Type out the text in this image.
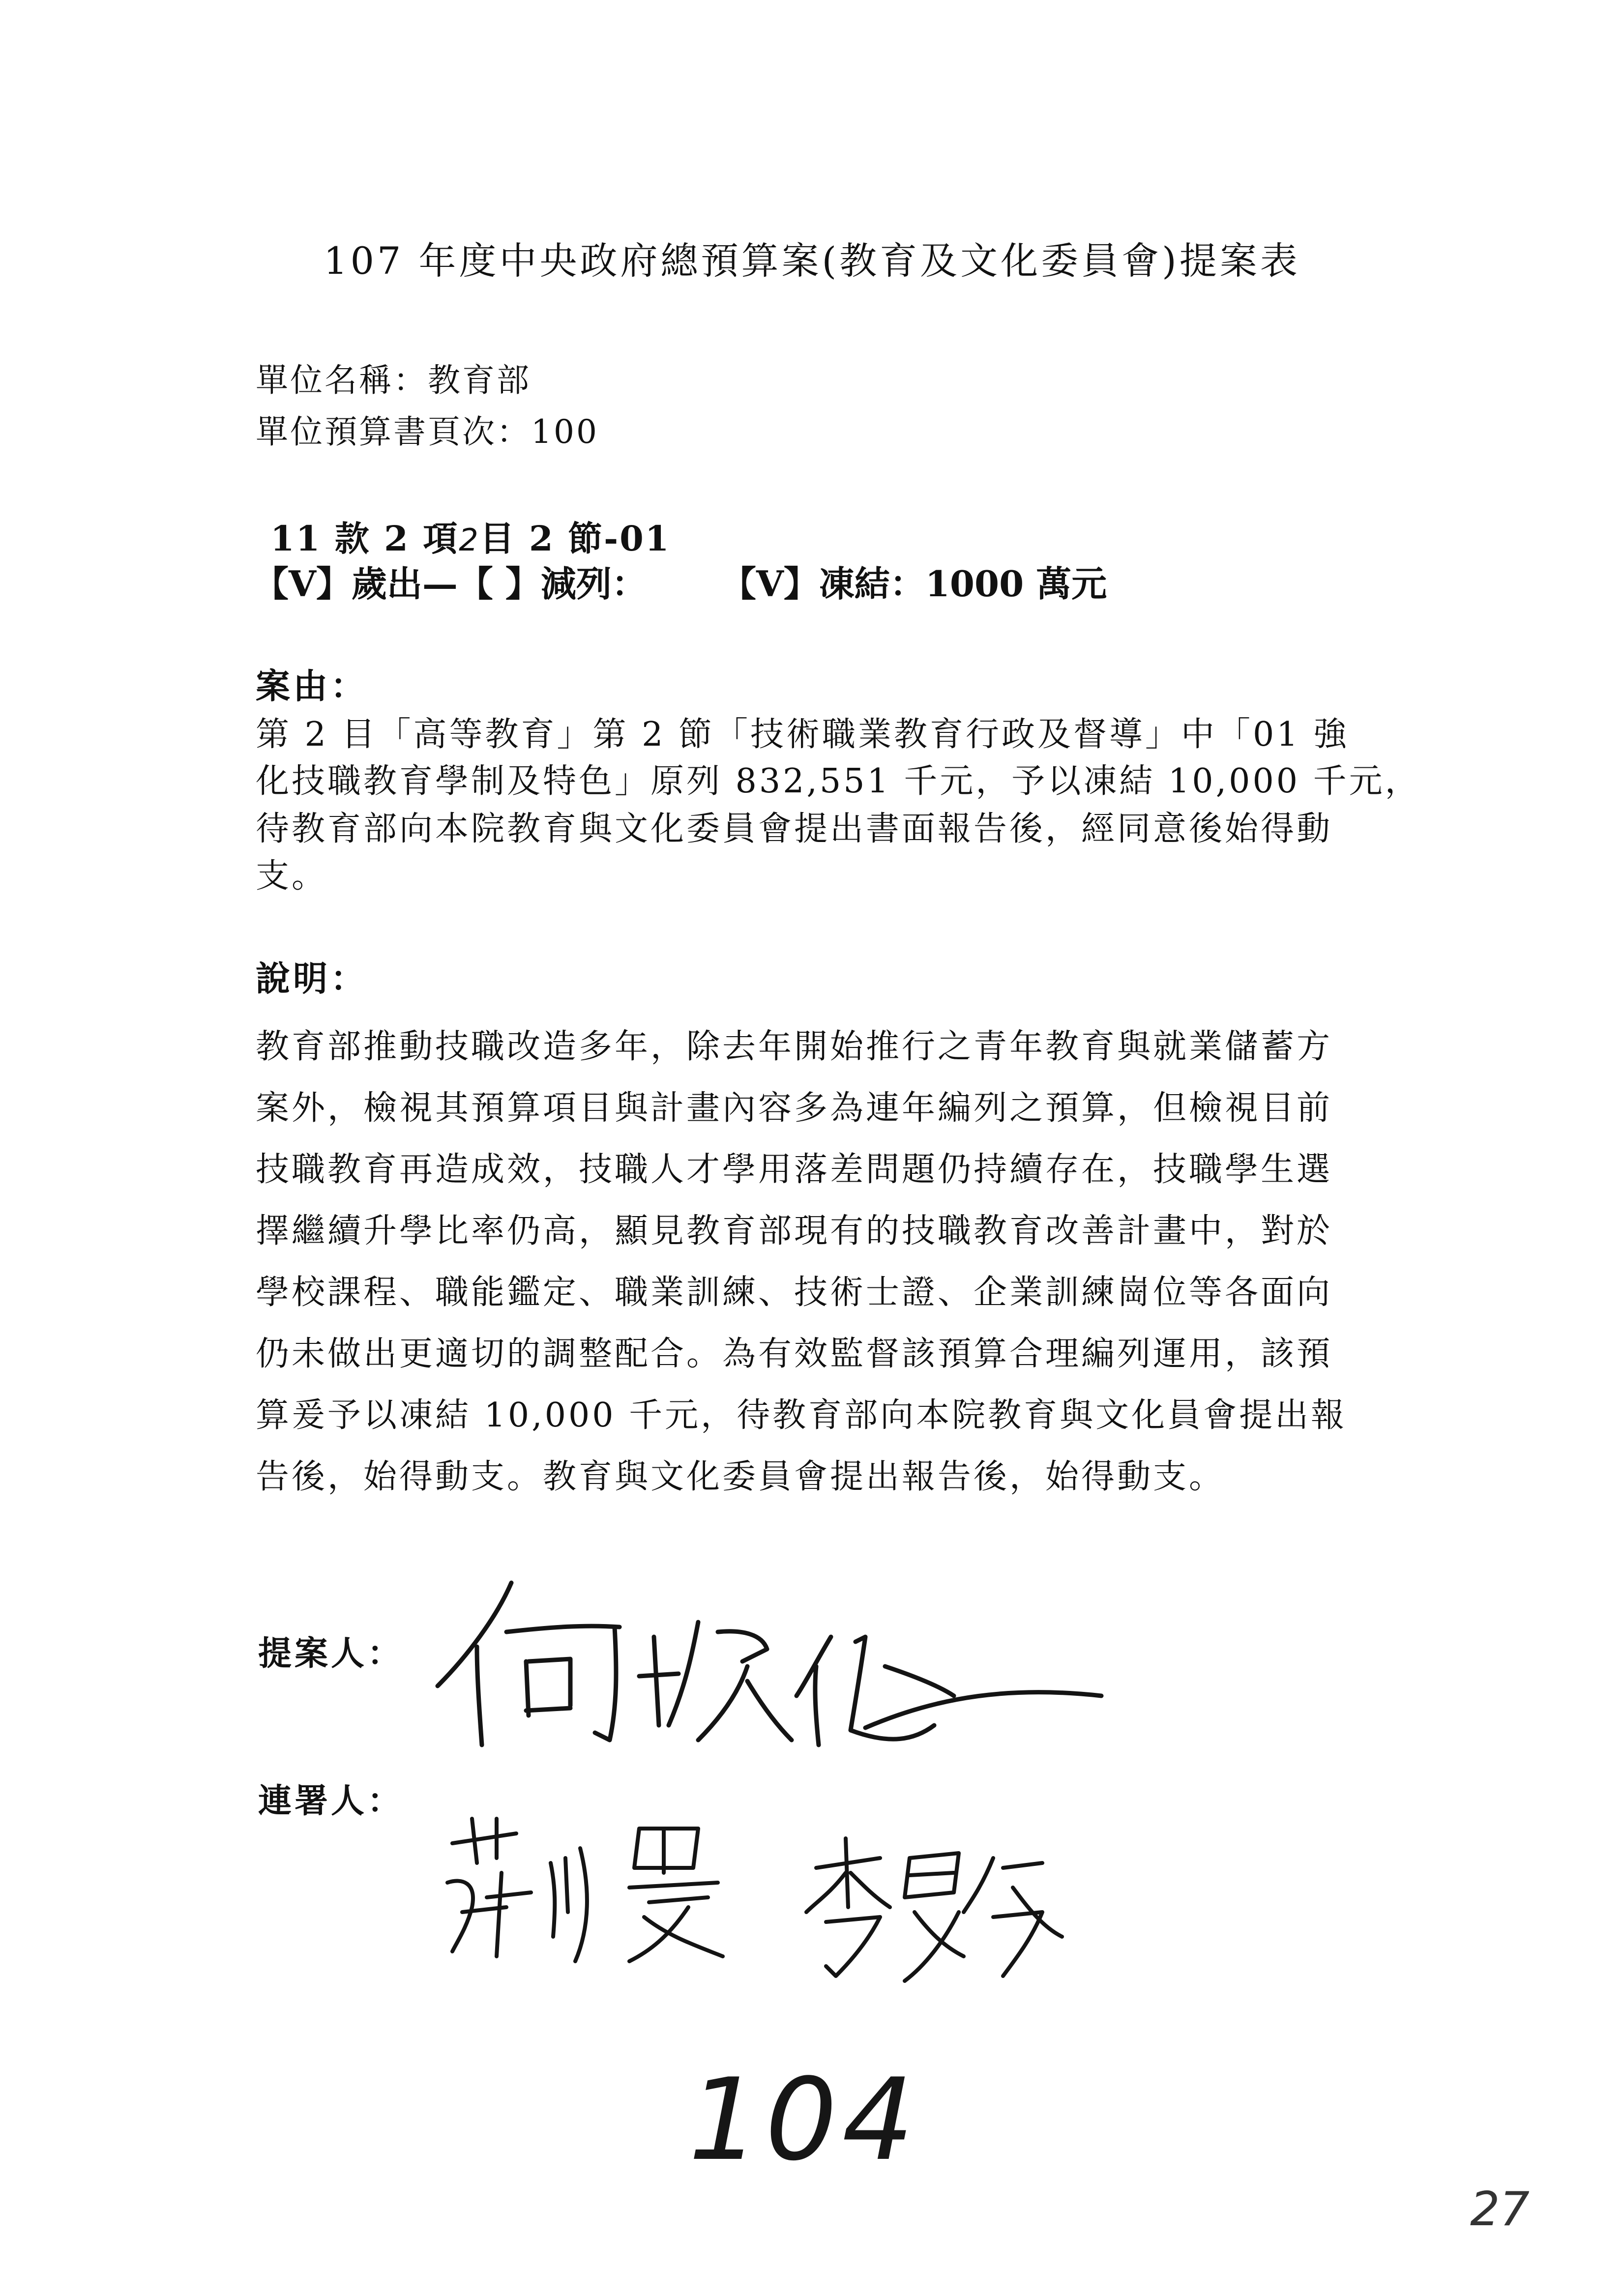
107 年度中央政府總預算案(教育及文化委員會)提案表
單位名稱：教育部
單位預算書頁次：100
11 款 2 項2目 2 節-01
【V】歲出—【 】減列： 【V】凍結：1000 萬元
案由：
第 2 目「高等教育」第 2 節「技術職業教育行政及督導」中「01 強
化技職教育學制及特色」原列 832,551 千元，予以凍結 10,000 千元，
待教育部向本院教育與文化委員會提出書面報告後，經同意後始得動
支。
說明：
教育部推動技職改造多年，除去年開始推行之青年教育與就業儲蓄方
案外，檢視其預算項目與計畫內容多為連年編列之預算，但檢視目前
技職教育再造成效，技職人才學用落差問題仍持續存在，技職學生選
擇繼續升學比率仍高，顯見教育部現有的技職教育改善計畫中，對於
學校課程、職能鑑定、職業訓練、技術士證、企業訓練崗位等各面向
仍未做出更適切的調整配合。為有效監督該預算合理編列運用，該預
算爰予以凍結 10,000 千元，待教育部向本院教育與文化員會提出報
告後，始得動支。教育與文化委員會提出報告後，始得動支。
提案人：
連署人：
104
27
